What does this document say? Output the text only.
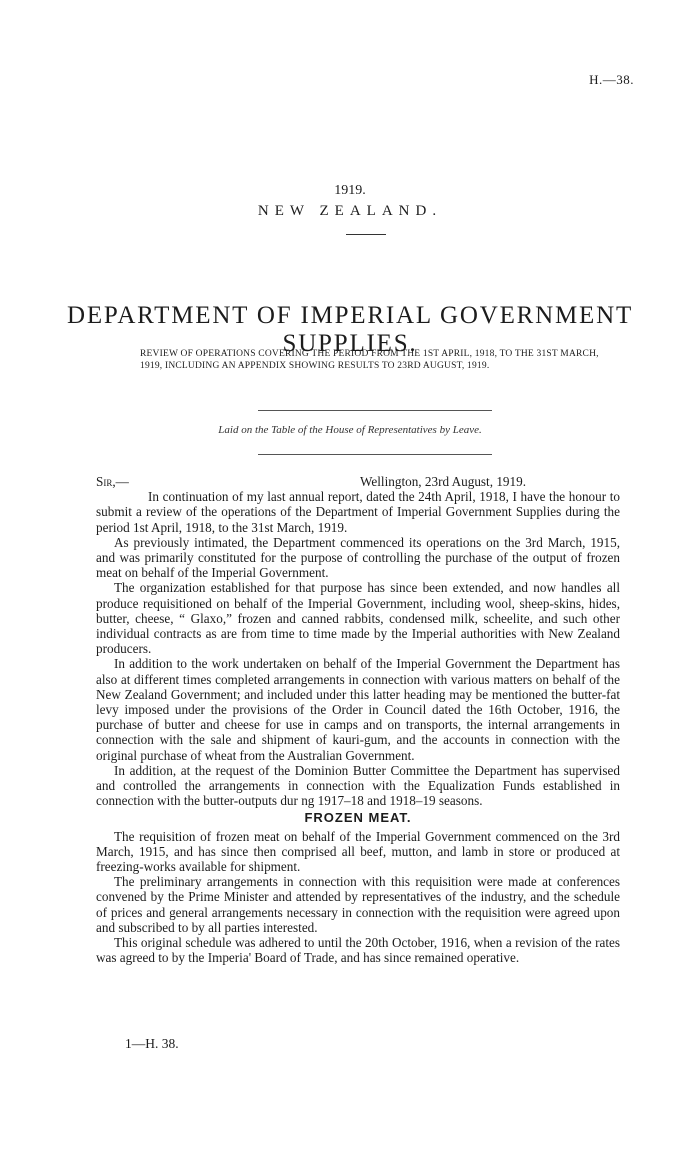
H.—38.
1919.
NEW ZEALAND.
DEPARTMENT OF IMPERIAL GOVERNMENT SUPPLIES.
REVIEW OF OPERATIONS COVERING THE PERIOD FROM THE 1ST APRIL, 1918, TO THE 31ST MARCH, 1919, INCLUDING AN APPENDIX SHOWING RESULTS TO 23RD AUGUST, 1919.
Laid on the Table of the House of Representatives by Leave.
Sir,—	Wellington, 23rd August, 1919.

In continuation of my last annual report, dated the 24th April, 1918, I have the honour to submit a review of the operations of the Department of Imperial Government Supplies during the period 1st April, 1918, to the 31st March, 1919.

As previously intimated, the Department commenced its operations on the 3rd March, 1915, and was primarily constituted for the purpose of controlling the purchase of the output of frozen meat on behalf of the Imperial Government.

The organization established for that purpose has since been extended, and now handles all produce requisitioned on behalf of the Imperial Government, including wool, sheep-skins, hides, butter, cheese, “ Glaxo,” frozen and canned rabbits, condensed milk, scheelite, and such other individual contracts as are from time to time made by the Imperial authorities with New Zealand producers.

In addition to the work undertaken on behalf of the Imperial Government the Department has also at different times completed arrangements in connection with various matters on behalf of the New Zealand Government; and included under this latter heading may be mentioned the butter-fat levy imposed under the provisions of the Order in Council dated the 16th October, 1916, the purchase of butter and cheese for use in camps and on transports, the internal arrangements in connection with the sale and shipment of kauri-gum, and the accounts in connection with the original purchase of wheat from the Australian Government.

In addition, at the request of the Dominion Butter Committee the Department has supervised and controlled the arrangements in connection with the Equalization Funds established in connection with the butter-outputs dur ng 1917–18 and 1918–19 seasons.

FROZEN MEAT.

The requisition of frozen meat on behalf of the Imperial Government commenced on the 3rd March, 1915, and has since then comprised all beef, mutton, and lamb in store or produced at freezing-works available for shipment.

The preliminary arrangements in connection with this requisition were made at conferences convened by the Prime Minister and attended by representatives of the industry, and the schedule of prices and general arrangements necessary in connection with the requisition were agreed upon and subscribed to by all parties interested.

This original schedule was adhered to until the 20th October, 1916, when a revision of the rates was agreed to by the Imperia' Board of Trade, and has since remained operative.

1—H. 38.
